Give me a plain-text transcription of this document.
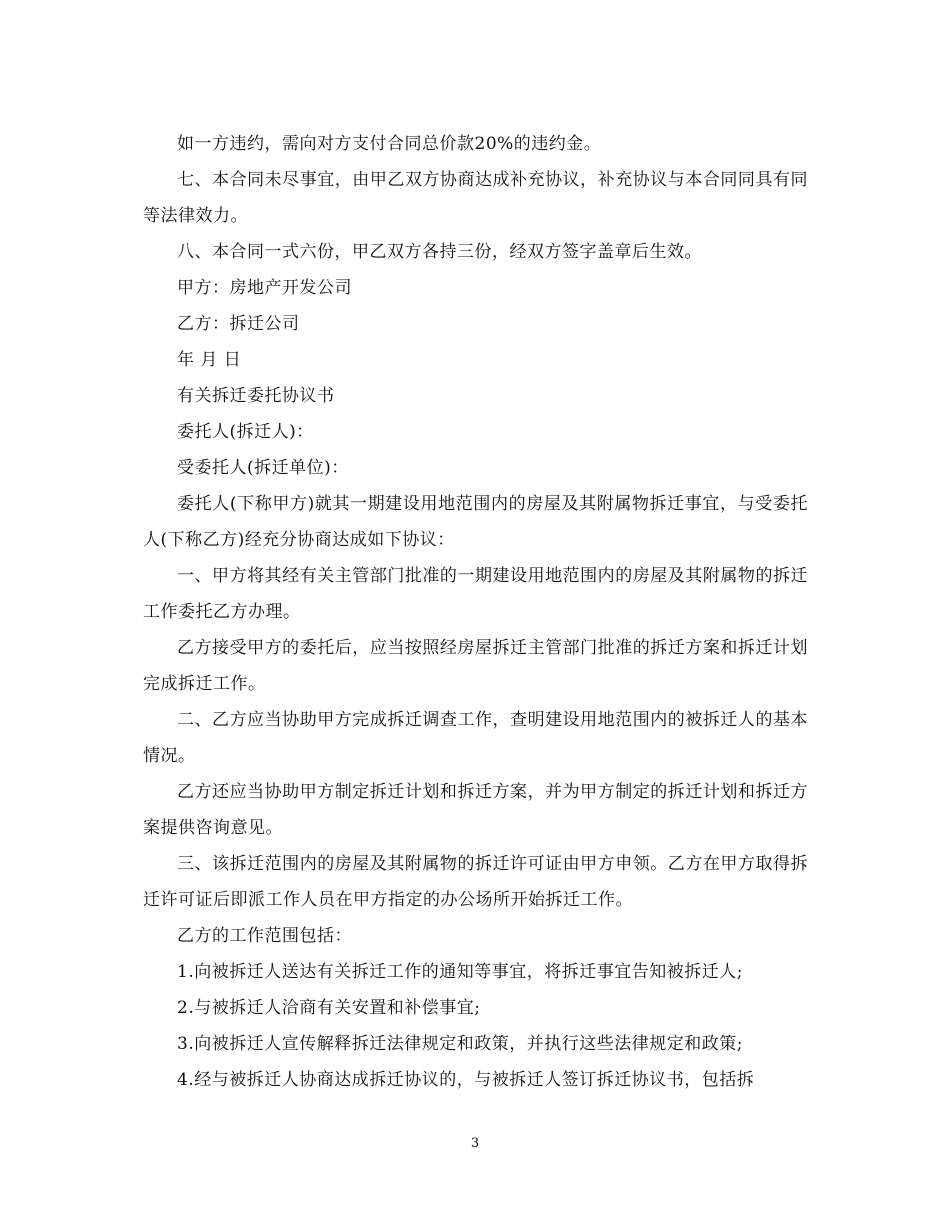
如一方违约，需向对方支付合同总价款20%的违约金。

七、本合同未尽事宜，由甲乙双方协商达成补充协议，补充协议与本合同同具有同等法律效力。

八、本合同一式六份，甲乙双方各持三份，经双方签字盖章后生效。

甲方：房地产开发公司

乙方：拆迁公司

年 月 日

有关拆迁委托协议书

委托人(拆迁人)：

受委托人(拆迁单位)：

委托人(下称甲方)就其一期建设用地范围内的房屋及其附属物拆迁事宜，与受委托人(下称乙方)经充分协商达成如下协议：

一、甲方将其经有关主管部门批准的一期建设用地范围内的房屋及其附属物的拆迁工作委托乙方办理。

乙方接受甲方的委托后，应当按照经房屋拆迁主管部门批准的拆迁方案和拆迁计划完成拆迁工作。

二、乙方应当协助甲方完成拆迁调查工作，查明建设用地范围内的被拆迁人的基本情况。

乙方还应当协助甲方制定拆迁计划和拆迁方案，并为甲方制定的拆迁计划和拆迁方案提供咨询意见。

三、该拆迁范围内的房屋及其附属物的拆迁许可证由甲方申领。乙方在甲方取得拆迁许可证后即派工作人员在甲方指定的办公场所开始拆迁工作。

乙方的工作范围包括：

1.向被拆迁人送达有关拆迁工作的通知等事宜，将拆迁事宜告知被拆迁人;

2.与被拆迁人洽商有关安置和补偿事宜;

3.向被拆迁人宣传解释拆迁法律规定和政策，并执行这些法律规定和政策;

4.经与被拆迁人协商达成拆迁协议的，与被拆迁人签订拆迁协议书，包括拆

3
